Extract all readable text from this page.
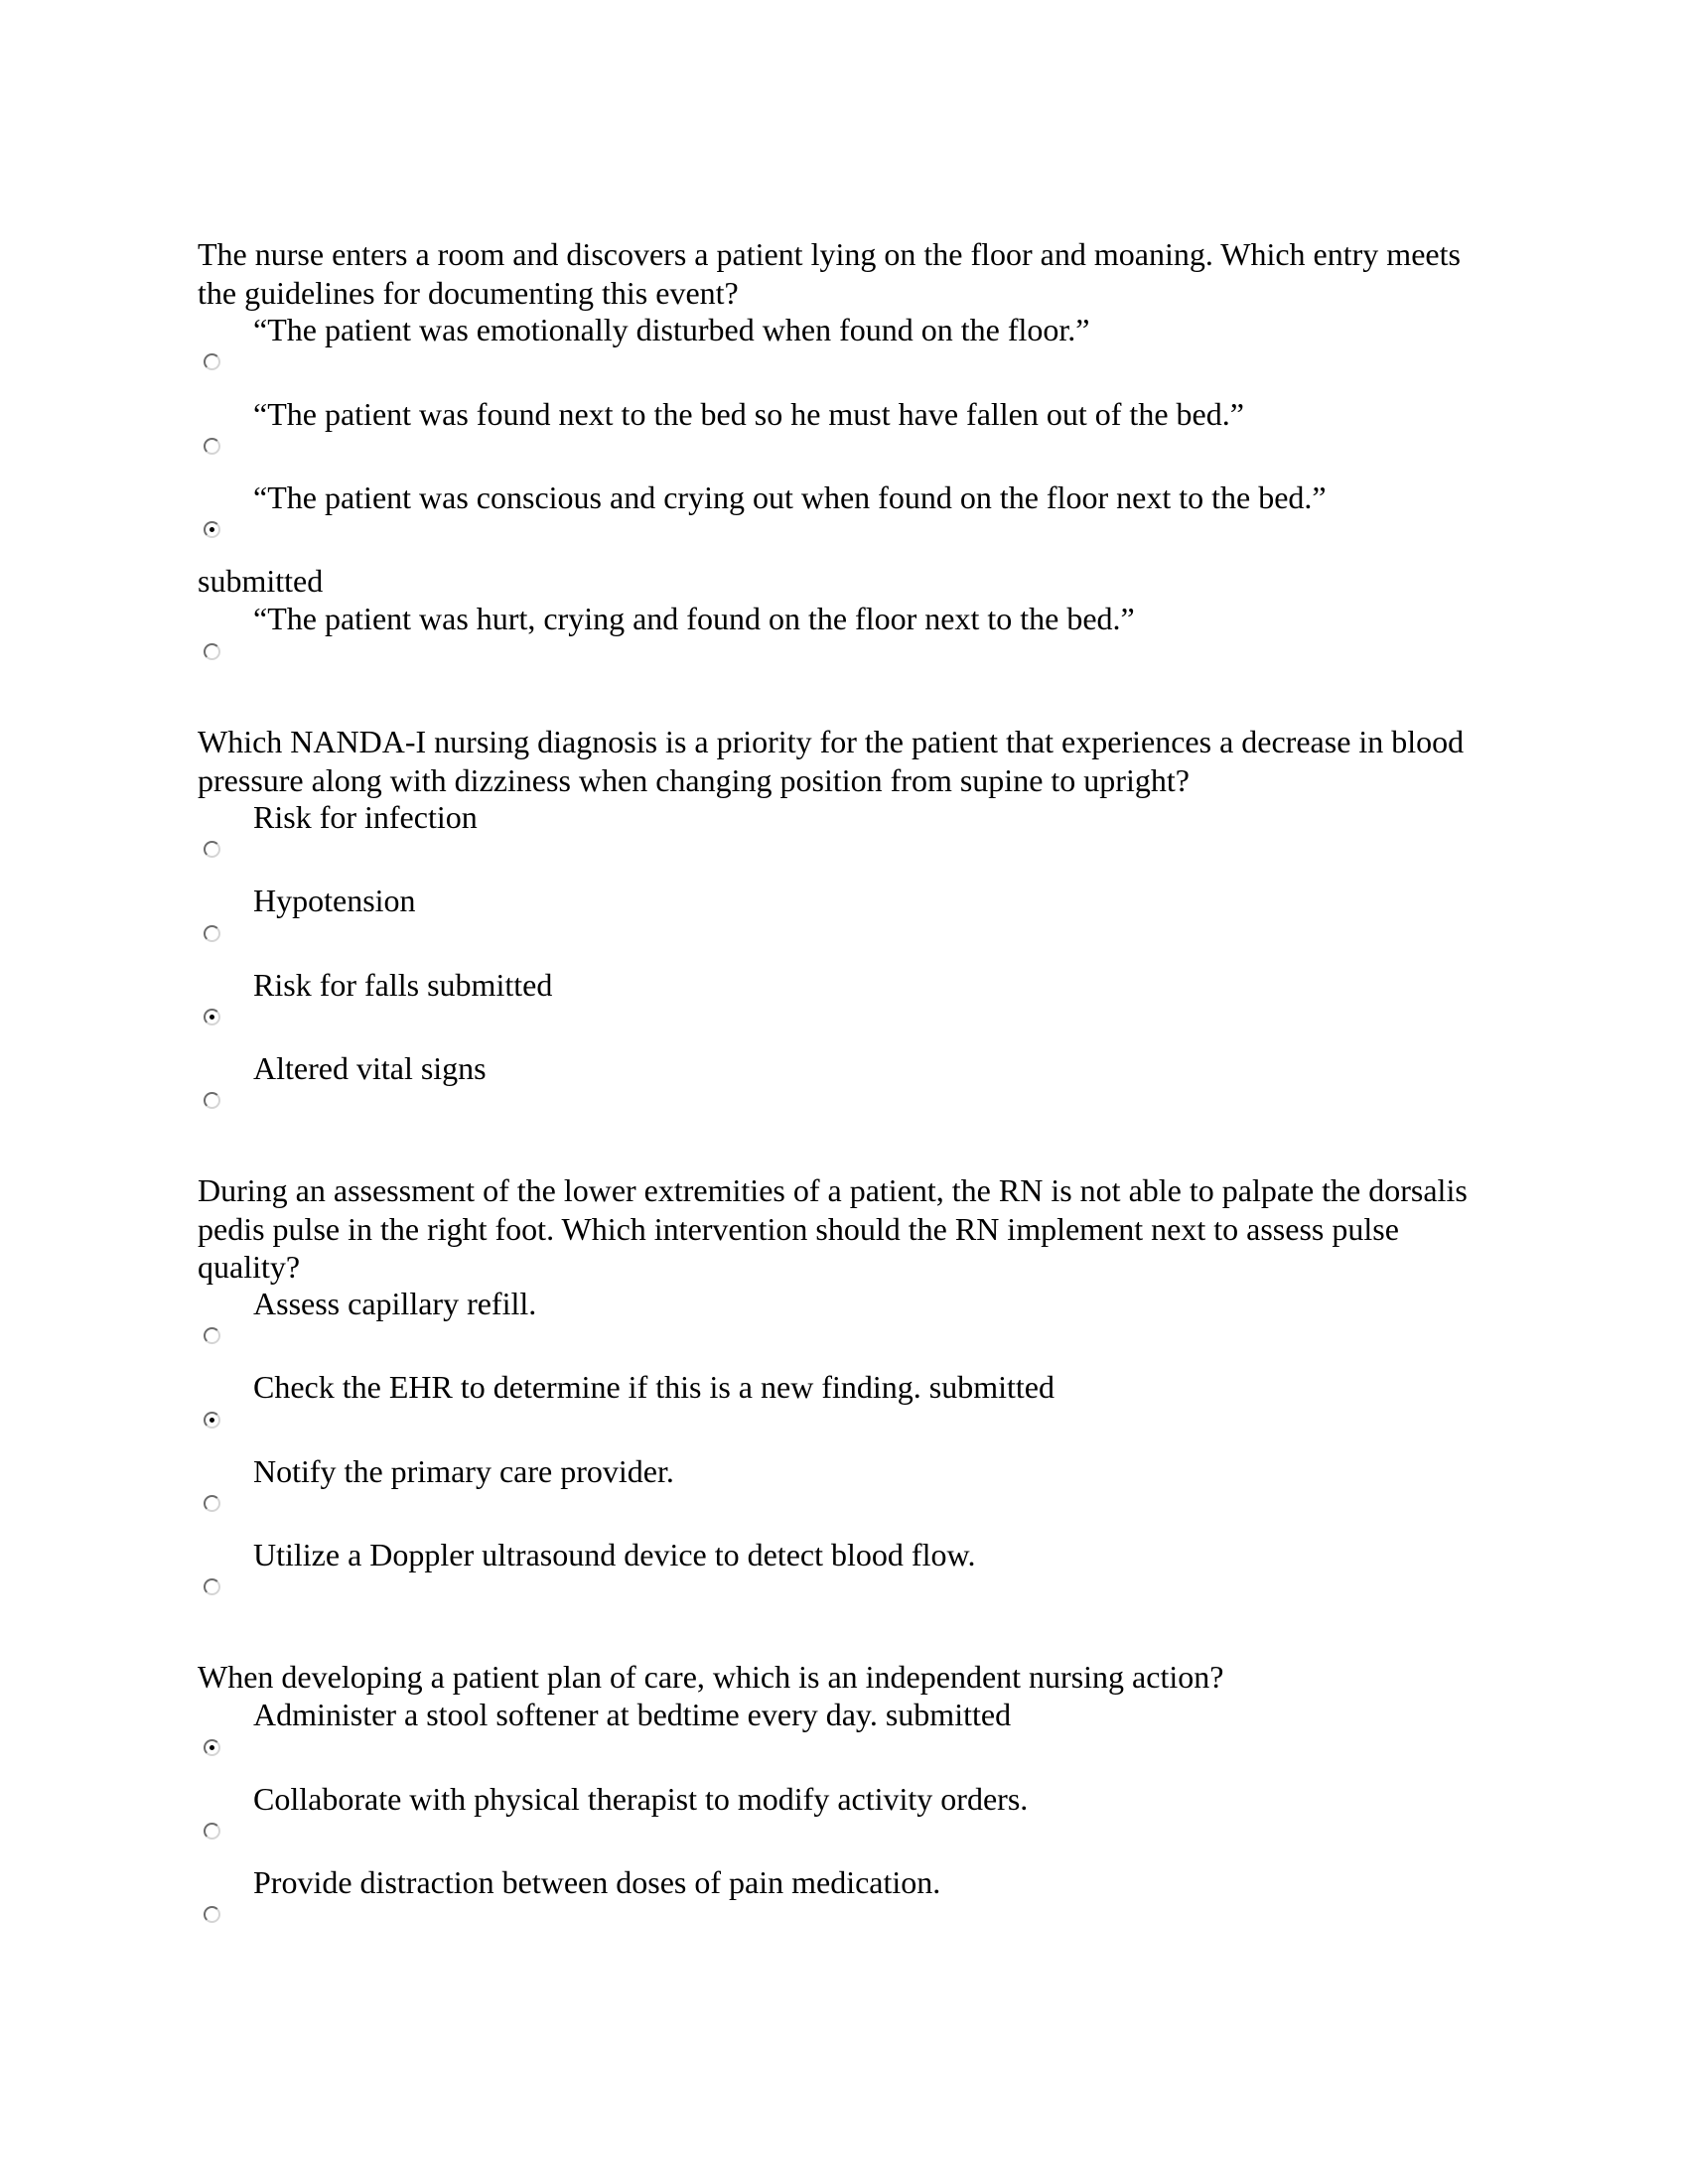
The nurse enters a room and discovers a patient lying on the floor and moaning. Which entry meets the guidelines for documenting this event?

“The patient was emotionally disturbed when found on the floor.”

“The patient was found next to the bed so he must have fallen out of the bed.”

“The patient was conscious and crying out when found on the floor next to the bed.”

submitted

“The patient was hurt, crying and found on the floor next to the bed.”

Which NANDA-I nursing diagnosis is a priority for the patient that experiences a decrease in blood pressure along with dizziness when changing position from supine to upright?

Risk for infection

Hypotension

Risk for falls submitted

Altered vital signs

During an assessment of the lower extremities of a patient, the RN is not able to palpate the dorsalis pedis pulse in the right foot. Which intervention should the RN implement next to assess pulse quality?

Assess capillary refill.

Check the EHR to determine if this is a new finding. submitted

Notify the primary care provider.

Utilize a Doppler ultrasound device to detect blood flow.

When developing a patient plan of care, which is an independent nursing action?

Administer a stool softener at bedtime every day. submitted

Collaborate with physical therapist to modify activity orders.

Provide distraction between doses of pain medication.
